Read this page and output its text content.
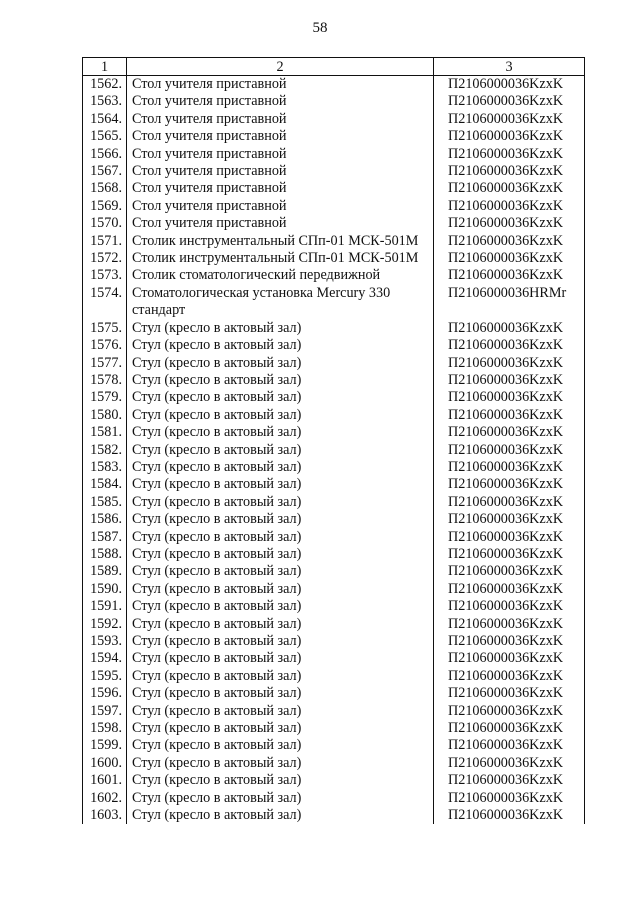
58
1	2	3
1562.	Стол учителя приставной	П2106000036KzxK
1563.	Стол учителя приставной	П2106000036KzxK
1564.	Стол учителя приставной	П2106000036KzxK
1565.	Стол учителя приставной	П2106000036KzxK
1566.	Стол учителя приставной	П2106000036KzxK
1567.	Стол учителя приставной	П2106000036KzxK
1568.	Стол учителя приставной	П2106000036KzxK
1569.	Стол учителя приставной	П2106000036KzxK
1570.	Стол учителя приставной	П2106000036KzxK
1571.	Столик инструментальный СПп-01 МСК-501М	П2106000036KzxK
1572.	Столик инструментальный СПп-01 МСК-501М	П2106000036KzxK
1573.	Столик стоматологический передвижной	П2106000036KzxK
1574.	Стоматологическая установка Mercury 330 стандарт	П2106000036HRMr
1575.	Стул (кресло в актовый зал)	П2106000036KzxK
1576.	Стул (кресло в актовый зал)	П2106000036KzxK
1577.	Стул (кресло в актовый зал)	П2106000036KzxK
1578.	Стул (кресло в актовый зал)	П2106000036KzxK
1579.	Стул (кресло в актовый зал)	П2106000036KzxK
1580.	Стул (кресло в актовый зал)	П2106000036KzxK
1581.	Стул (кресло в актовый зал)	П2106000036KzxK
1582.	Стул (кресло в актовый зал)	П2106000036KzxK
1583.	Стул (кресло в актовый зал)	П2106000036KzxK
1584.	Стул (кресло в актовый зал)	П2106000036KzxK
1585.	Стул (кресло в актовый зал)	П2106000036KzxK
1586.	Стул (кресло в актовый зал)	П2106000036KzxK
1587.	Стул (кресло в актовый зал)	П2106000036KzxK
1588.	Стул (кресло в актовый зал)	П2106000036KzxK
1589.	Стул (кресло в актовый зал)	П2106000036KzxK
1590.	Стул (кресло в актовый зал)	П2106000036KzxK
1591.	Стул (кресло в актовый зал)	П2106000036KzxK
1592.	Стул (кресло в актовый зал)	П2106000036KzxK
1593.	Стул (кресло в актовый зал)	П2106000036KzxK
1594.	Стул (кресло в актовый зал)	П2106000036KzxK
1595.	Стул (кресло в актовый зал)	П2106000036KzxK
1596.	Стул (кресло в актовый зал)	П2106000036KzxK
1597.	Стул (кресло в актовый зал)	П2106000036KzxK
1598.	Стул (кресло в актовый зал)	П2106000036KzxK
1599.	Стул (кресло в актовый зал)	П2106000036KzxK
1600.	Стул (кресло в актовый зал)	П2106000036KzxK
1601.	Стул (кресло в актовый зал)	П2106000036KzxK
1602.	Стул (кресло в актовый зал)	П2106000036KzxK
1603.	Стул (кресло в актовый зал)	П2106000036KzxK
